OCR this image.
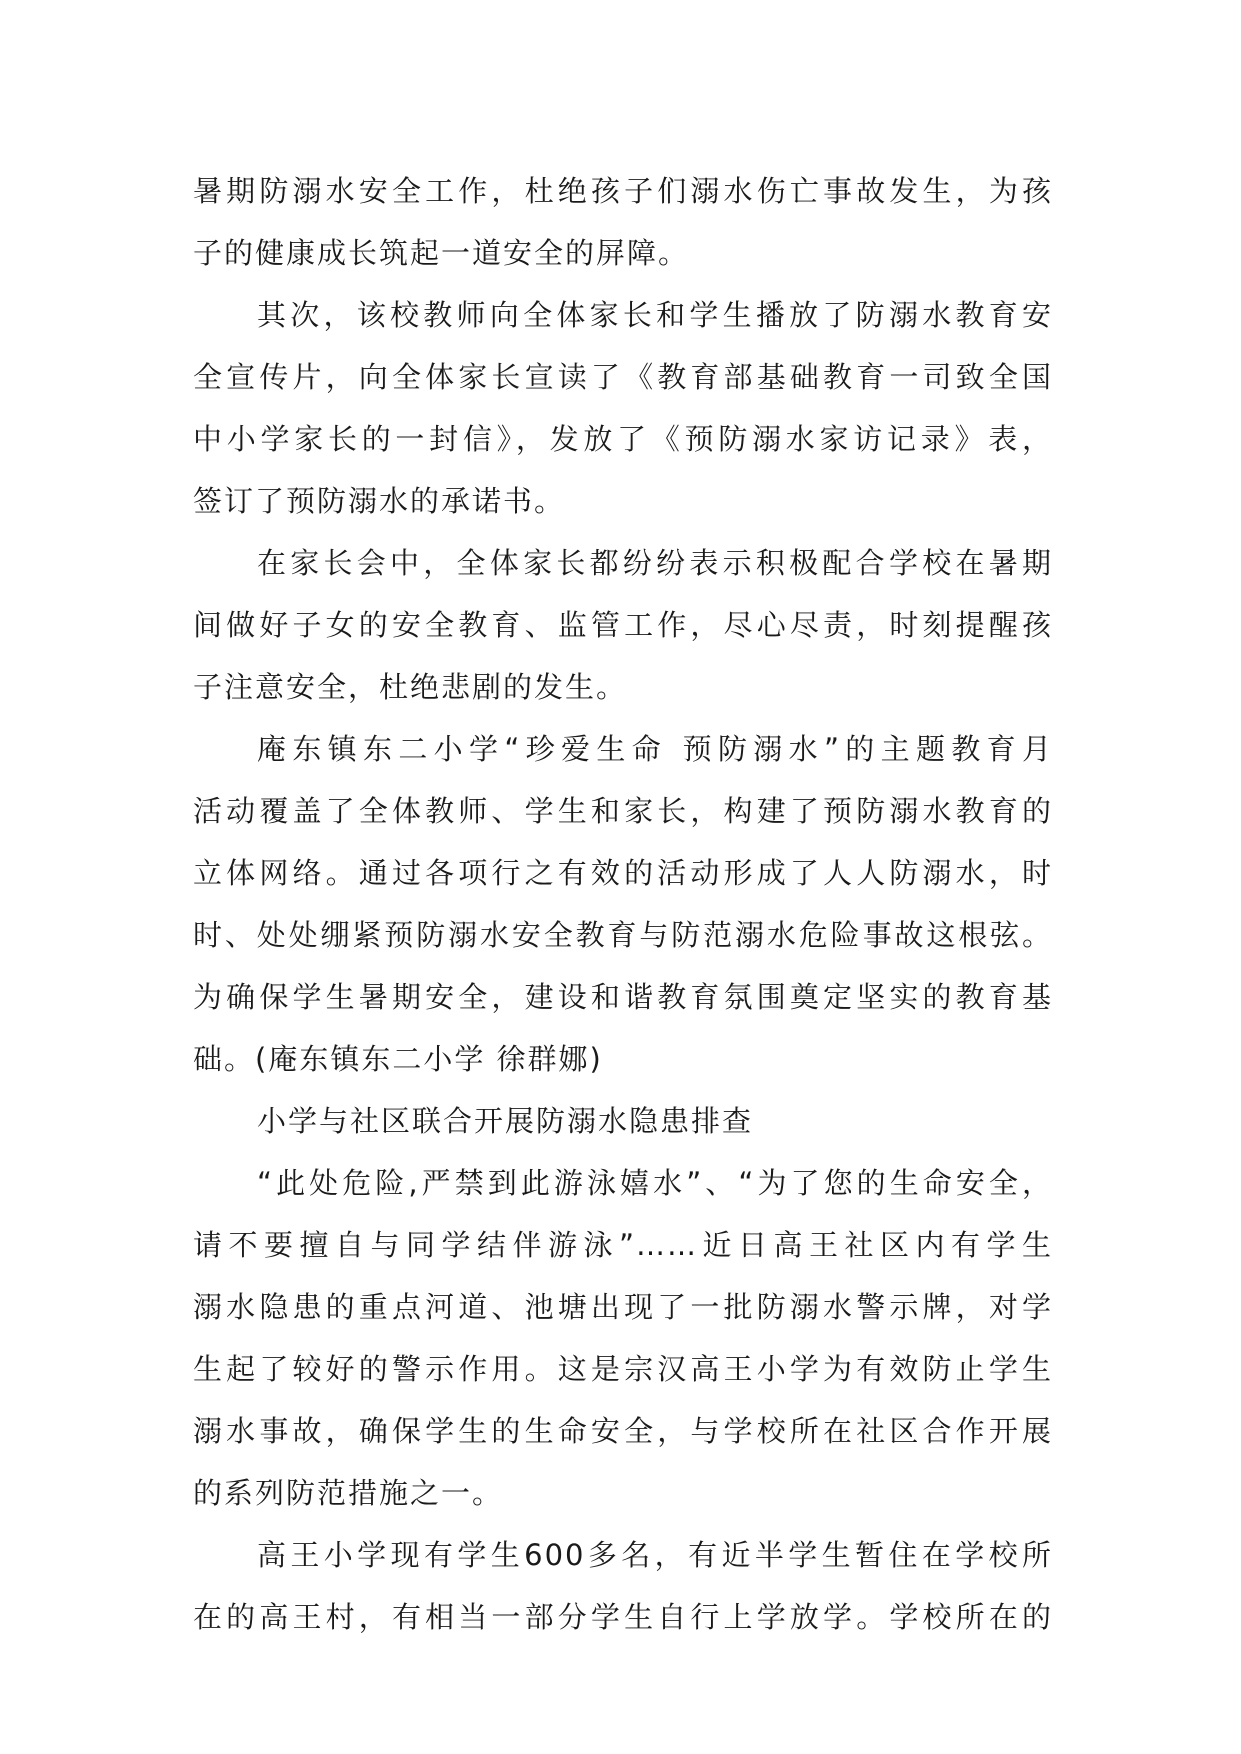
暑期防溺水安全工作，杜绝孩子们溺水伤亡事故发生，为孩
子的健康成长筑起一道安全的屏障。
其次，该校教师向全体家长和学生播放了防溺水教育安
全宣传片，向全体家长宣读了《教育部基础教育一司致全国
中小学家长的一封信》，发放了《预防溺水家访记录》表，
签订了预防溺水的承诺书。
在家长会中，全体家长都纷纷表示积极配合学校在暑期
间做好子女的安全教育、监管工作，尽心尽责，时刻提醒孩
子注意安全，杜绝悲剧的发生。
庵东镇东二小学“珍爱生命 预防溺水”的主题教育月
活动覆盖了全体教师、学生和家长，构建了预防溺水教育的
立体网络。通过各项行之有效的活动形成了人人防溺水，时
时、处处绷紧预防溺水安全教育与防范溺水危险事故这根弦。
为确保学生暑期安全，建设和谐教育氛围奠定坚实的教育基
础。(庵东镇东二小学 徐群娜)
小学与社区联合开展防溺水隐患排查
“此处危险,严禁到此游泳嬉水”、“为了您的生命安全，
请不要擅自与同学结伴游泳”……近日高王社区内有学生
溺水隐患的重点河道、池塘出现了一批防溺水警示牌，对学
生起了较好的警示作用。这是宗汉高王小学为有效防止学生
溺水事故，确保学生的生命安全，与学校所在社区合作开展
的系列防范措施之一。
高王小学现有学生600多名，有近半学生暂住在学校所
在的高王村，有相当一部分学生自行上学放学。学校所在的
